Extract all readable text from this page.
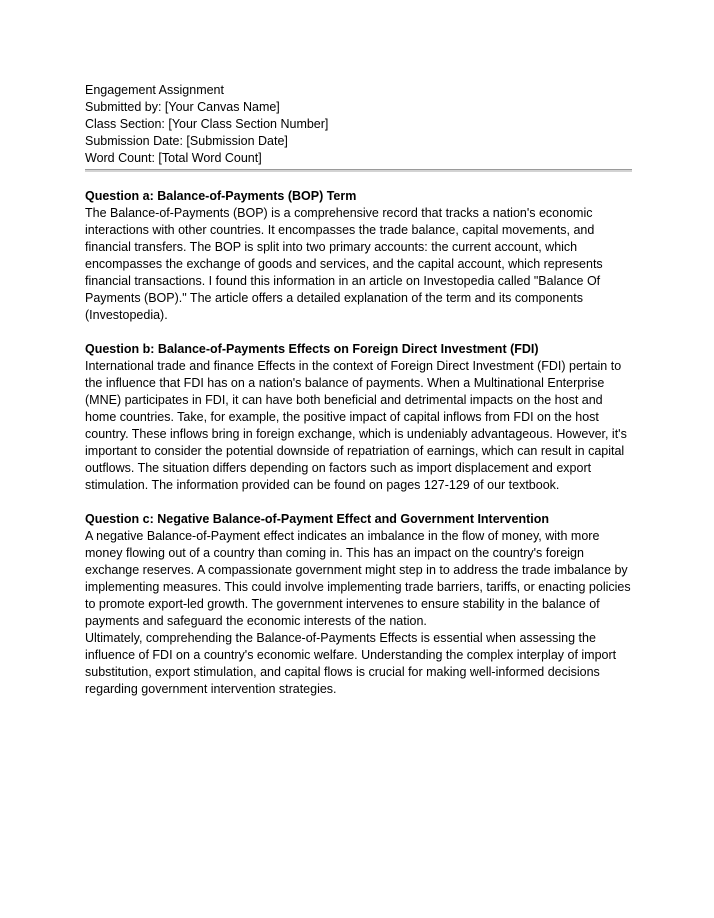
Engagement Assignment
Submitted by: [Your Canvas Name]
Class Section: [Your Class Section Number]
Submission Date: [Submission Date]
Word Count: [Total Word Count]
Question a: Balance-of-Payments (BOP) Term

The Balance-of-Payments (BOP) is a comprehensive record that tracks a nation's economic interactions with other countries. It encompasses the trade balance, capital movements, and financial transfers. The BOP is split into two primary accounts: the current account, which encompasses the exchange of goods and services, and the capital account, which represents financial transactions. I found this information in an article on Investopedia called "Balance Of Payments (BOP)." The article offers a detailed explanation of the term and its components (Investopedia).

Question b: Balance-of-Payments Effects on Foreign Direct Investment (FDI)

International trade and finance Effects in the context of Foreign Direct Investment (FDI) pertain to the influence that FDI has on a nation's balance of payments. When a Multinational Enterprise (MNE) participates in FDI, it can have both beneficial and detrimental impacts on the host and home countries. Take, for example, the positive impact of capital inflows from FDI on the host country. These inflows bring in foreign exchange, which is undeniably advantageous. However, it's important to consider the potential downside of repatriation of earnings, which can result in capital outflows. The situation differs depending on factors such as import displacement and export stimulation. The information provided can be found on pages 127-129 of our textbook.

Question c: Negative Balance-of-Payment Effect and Government Intervention

A negative Balance-of-Payment effect indicates an imbalance in the flow of money, with more money flowing out of a country than coming in. This has an impact on the country's foreign exchange reserves. A compassionate government might step in to address the trade imbalance by implementing measures. This could involve implementing trade barriers, tariffs, or enacting policies to promote export-led growth. The government intervenes to ensure stability in the balance of payments and safeguard the economic interests of the nation.

Ultimately, comprehending the Balance-of-Payments Effects is essential when assessing the influence of FDI on a country's economic welfare. Understanding the complex interplay of import substitution, export stimulation, and capital flows is crucial for making well-informed decisions regarding government intervention strategies.
